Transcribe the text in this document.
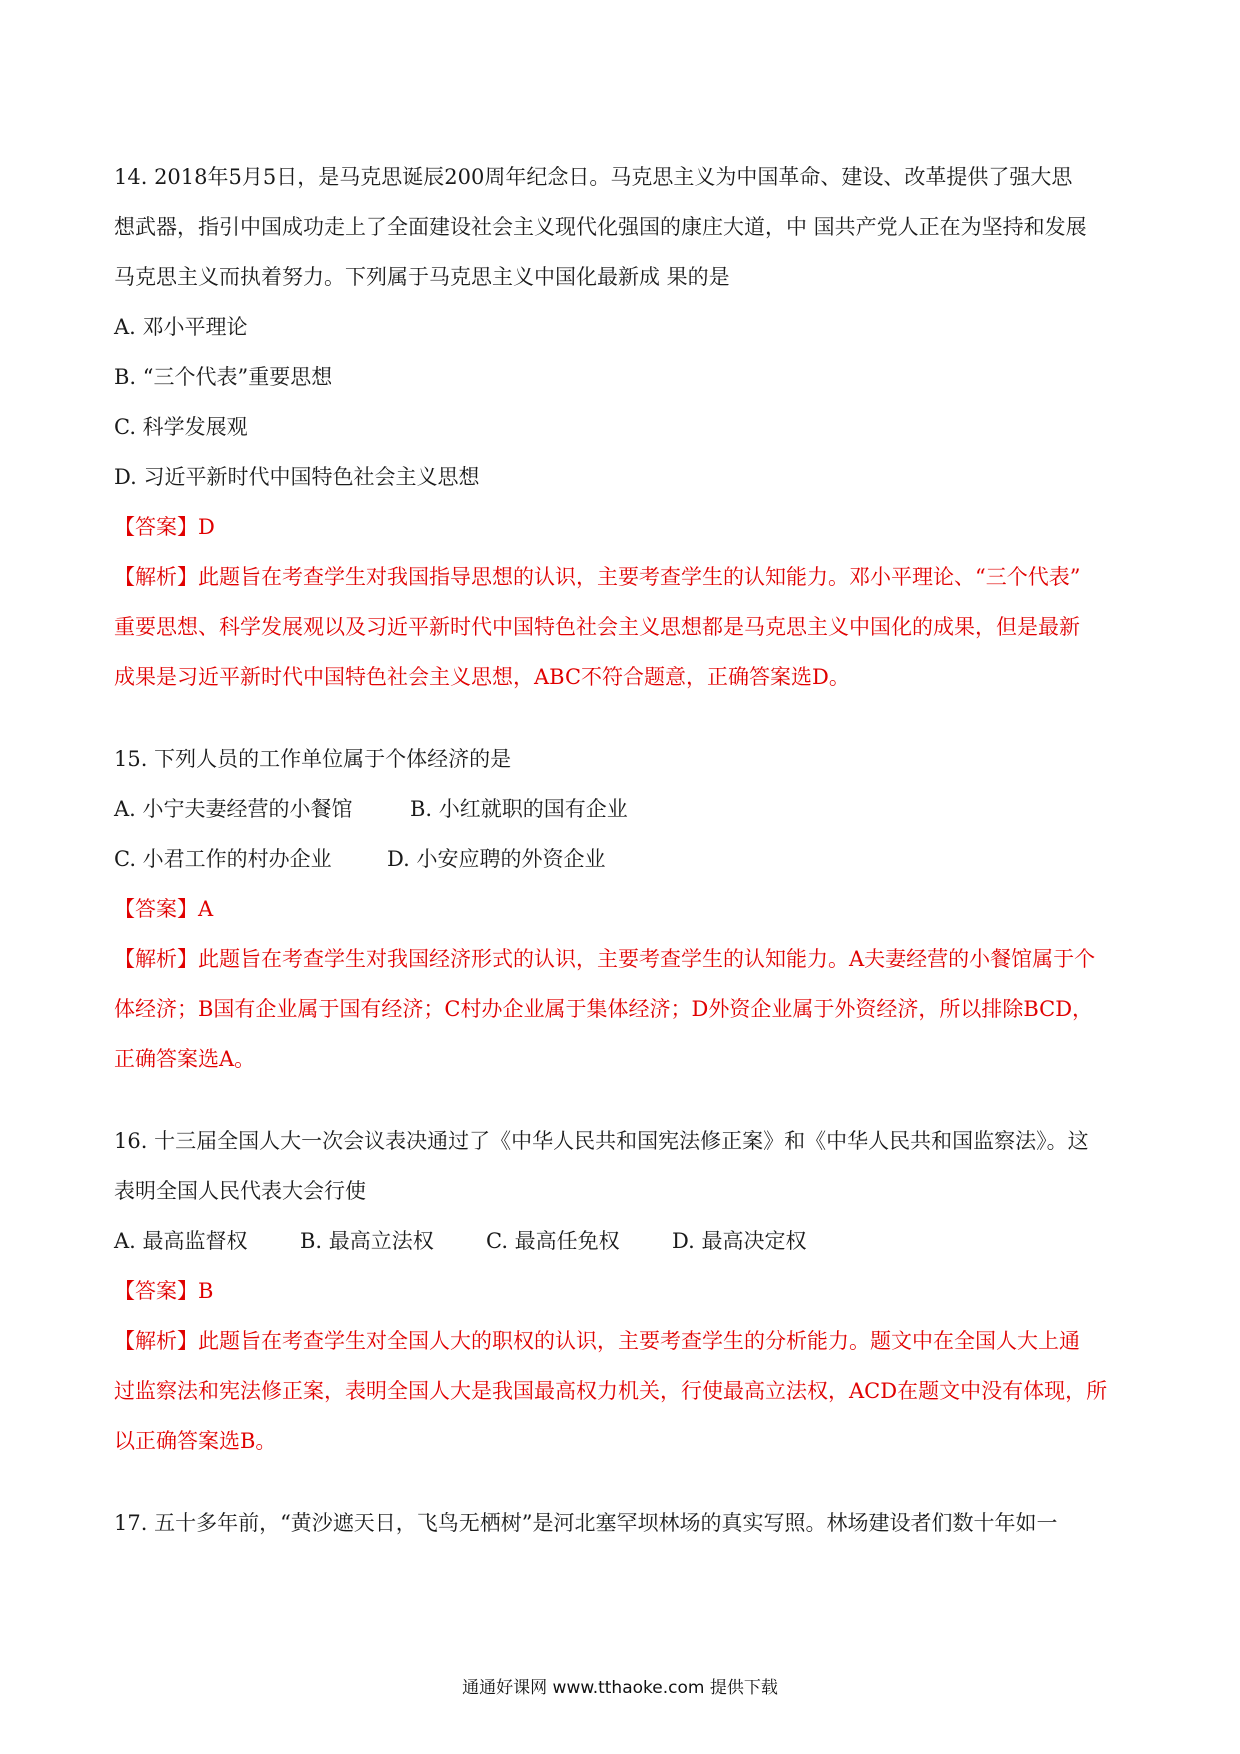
14. 2018年5月5日，是马克思诞辰200周年纪念日。马克思主义为中国革命、建设、改革提供了强大思

想武器，指引中国成功走上了全面建设社会主义现代化强国的康庄大道，中 国共产党人正在为坚持和发展

马克思主义而执着努力。下列属于马克思主义中国化最新成 果的是

A. 邓小平理论

B. “三个代表”重要思想

C. 科学发展观

D. 习近平新时代中国特色社会主义思想

【答案】D

【解析】此题旨在考查学生对我国指导思想的认识，主要考查学生的认知能力。邓小平理论、“三个代表”

重要思想、科学发展观以及习近平新时代中国特色社会主义思想都是马克思主义中国化的成果，但是最新

成果是习近平新时代中国特色社会主义思想，ABC不符合题意，正确答案选D。

15. 下列人员的工作单位属于个体经济的是

A. 小宁夫妻经营的小餐馆	B. 小红就职的国有企业

C. 小君工作的村办企业	D. 小安应聘的外资企业

【答案】A

【解析】此题旨在考查学生对我国经济形式的认识，主要考查学生的认知能力。A夫妻经营的小餐馆属于个

体经济；B国有企业属于国有经济；C村办企业属于集体经济；D外资企业属于外资经济，所以排除BCD，

正确答案选A。

16. 十三届全国人大一次会议表决通过了《中华人民共和国宪法修正案》和《中华人民共和国监察法》。这

表明全国人民代表大会行使

A. 最高监督权 B. 最高立法权 C. 最高任免权 D. 最高决定权

【答案】B

【解析】此题旨在考查学生对全国人大的职权的认识，主要考查学生的分析能力。题文中在全国人大上通

过监察法和宪法修正案，表明全国人大是我国最高权力机关，行使最高立法权，ACD在题文中没有体现，所

以正确答案选B。

17. 五十多年前，“黄沙遮天日，飞鸟无栖树”是河北塞罕坝林场的真实写照。林场建设者们数十年如一

通通好课网 www.tthaoke.com 提供下载
